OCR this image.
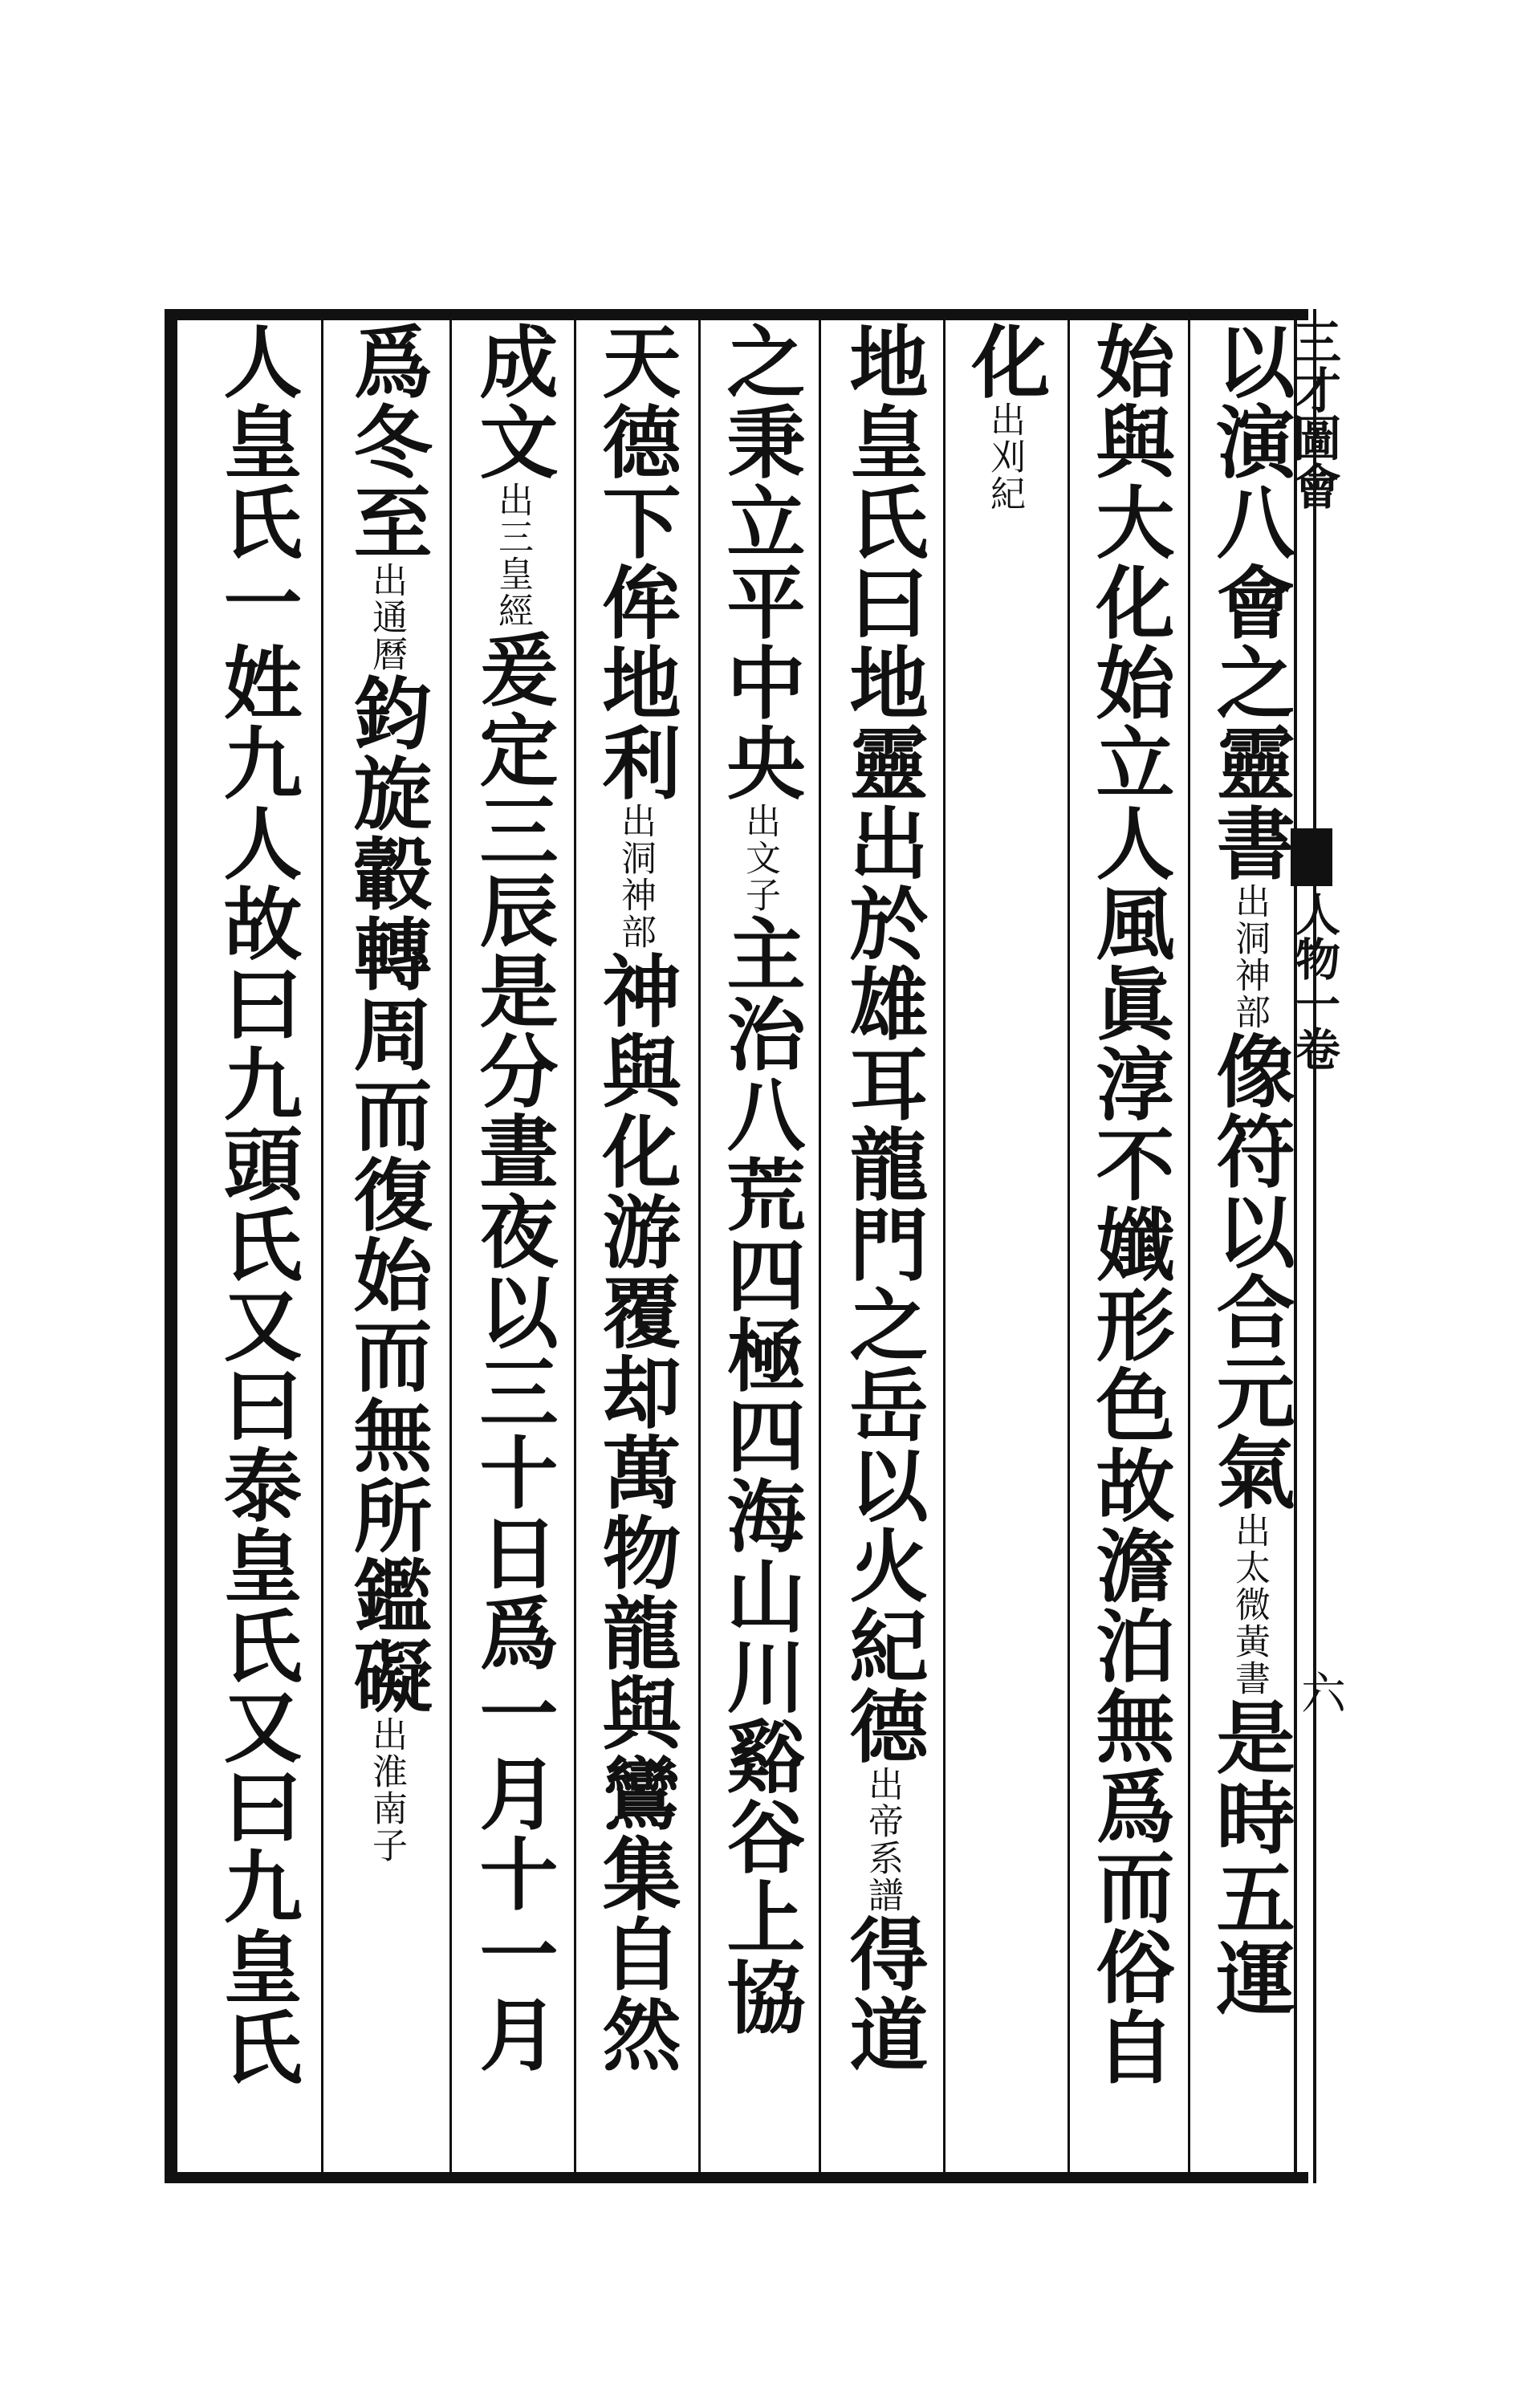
三才圖會
人物一卷
六
以演八會之靈書出洞神部像符以合元氣出太微黃書是時五運
始與大化始立人風眞淳不孅形色故澹泊無爲而俗自
化出刈紀
地皇氏曰地靈出於雄耳龍門之岳以火紀德出帝系譜得道
之秉立平中央出文子主治八荒四極四海山川谿谷上協
天德下侔地利出洞神部神與化游覆却萬物龍與鸞集自然
成文出三皇經爰定三辰是分晝夜以三十日爲一月十一月
爲冬至出通曆鈞旋轂轉周而復始而無所鑑礙出淮南子
人皇氏一姓九人故曰九頭氏又曰泰皇氏又曰九皇氏
